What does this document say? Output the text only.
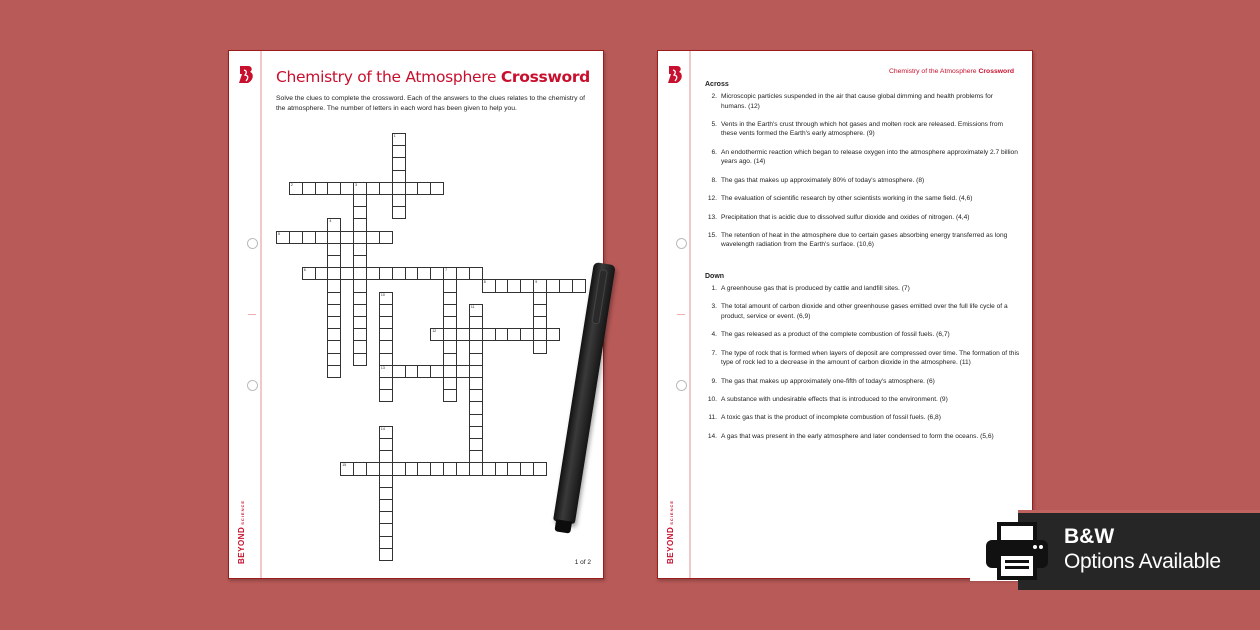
Chemistry of the Atmosphere Crossword
Solve the clues to complete the crossword. Each of the answers to the clues relates to the chemistry of the atmosphere. The number of letters in each word has been given to help you.
1
2	3
4
5
6	7
8	9
10
13
11
12
14
15
BEYONDSCIENCE
1 of 2
Chemistry of the Atmosphere Crossword
Across
2. Microscopic particles suspended in the air that cause global dimming and health problems for humans. (12)
5. Vents in the Earth's crust through which hot gases and molten rock are released. Emissions from these vents formed the Earth's early atmosphere. (9)
6. An endothermic reaction which began to release oxygen into the atmosphere approximately 2.7 billion years ago. (14)
8. The gas that makes up approximately 80% of today's atmosphere. (8)
12. The evaluation of scientific research by other scientists working in the same field. (4,6)
13. Precipitation that is acidic due to dissolved sulfur dioxide and oxides of nitrogen. (4,4)
15. The retention of heat in the atmosphere due to certain gases absorbing energy transferred as long wavelength radiation from the Earth's surface. (10,6)
Down
1. A greenhouse gas that is produced by cattle and landfill sites. (7)
3. The total amount of carbon dioxide and other greenhouse gases emitted over the full life cycle of a product, service or event. (6,9)
4. The gas released as a product of the complete combustion of fossil fuels. (6,7)
7. The type of rock that is formed when layers of deposit are compressed over time. The formation of this type of rock led to a decrease in the amount of carbon dioxide in the atmosphere. (11)
9. The gas that makes up approximately one-fifth of today's atmosphere. (6)
10. A substance with undesirable effects that is introduced to the environment. (9)
11. A toxic gas that is the product of incomplete combustion of fossil fuels. (6,8)
14. A gas that was present in the early atmosphere and later condensed to form the oceans. (5,6)
BEYONDSCIENCE
B&W
Options Available
